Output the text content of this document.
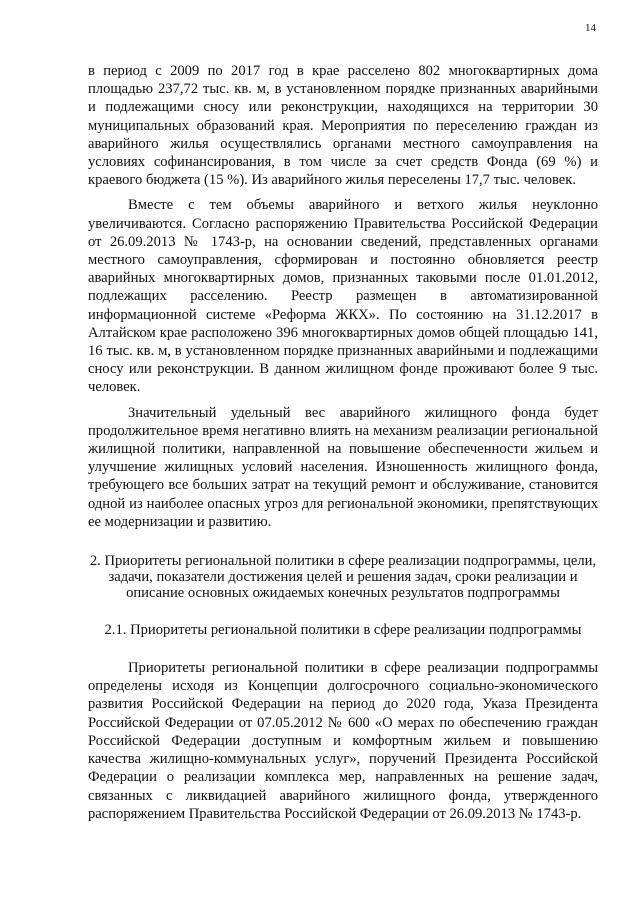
14

в период с 2009 по 2017 год в крае расселено 802 многоквартирных дома площадью 237,72 тыс. кв. м, в установленном порядке признанных аварийными и подлежащими сносу или реконструкции, находящихся на территории 30 муниципальных образований края. Мероприятия по переселению граждан из аварийного жилья осуществлялись органами местного самоуправления на условиях софинансирования, в том числе за счет средств Фонда (69 %) и краевого бюджета (15 %). Из аварийного жилья переселены 17,7 тыс. человек.

Вместе с тем объемы аварийного и ветхого жилья неуклонно увеличиваются. Согласно распоряжению Правительства Российской Федерации от 26.09.2013 № 1743-р, на основании сведений, представленных органами местного самоуправления, сформирован и постоянно обновляется реестр аварийных многоквартирных домов, признанных таковыми после 01.01.2012, подлежащих расселению. Реестр размещен в автоматизированной информационной системе «Реформа ЖКХ». По состоянию на 31.12.2017 в Алтайском крае расположено 396 многоквартирных домов общей площадью 141, 16 тыс. кв. м, в установленном порядке признанных аварийными и подлежащими сносу или реконструкции. В данном жилищном фонде проживают более 9 тыс. человек.

Значительный удельный вес аварийного жилищного фонда будет продолжительное время негативно влиять на механизм реализации региональной жилищной политики, направленной на повышение обеспеченности жильем и улучшение жилищных условий населения. Изношенность жилищного фонда, требующего все больших затрат на текущий ремонт и обслуживание, становится одной из наиболее опасных угроз для региональной экономики, препятствующих ее модернизации и развитию.

2. Приоритеты региональной политики в сфере реализации подпрограммы, цели, задачи, показатели достижения целей и решения задач, сроки реализации и описание основных ожидаемых конечных результатов подпрограммы

2.1. Приоритеты региональной политики в сфере реализации подпрограммы

Приоритеты региональной политики в сфере реализации подпрограммы определены исходя из Концепции долгосрочного социально-экономического развития Российской Федерации на период до 2020 года, Указа Президента Российской Федерации от 07.05.2012 № 600 «О мерах по обеспечению граждан Российской Федерации доступным и комфортным жильем и повышению качества жилищно-коммунальных услуг», поручений Президента Российской Федерации о реализации комплекса мер, направленных на решение задач, связанных с ликвидацией аварийного жилищного фонда, утвержденного распоряжением Правительства Российской Федерации от 26.09.2013 № 1743-р.
